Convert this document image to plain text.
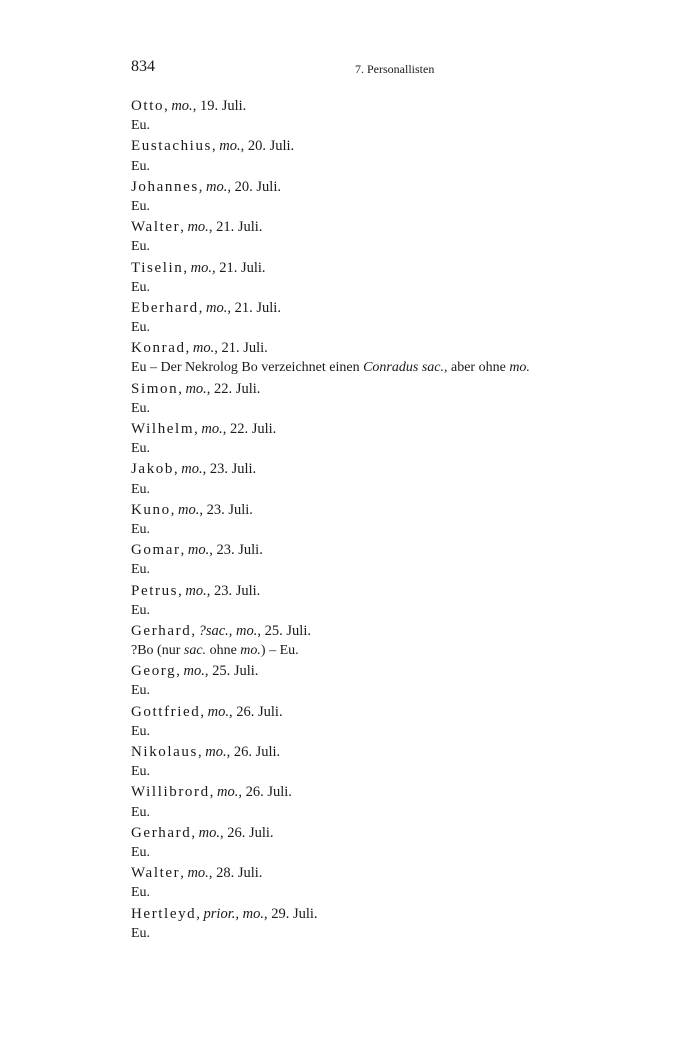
834	7. Personallisten
Otto, mo., 19. Juli.
Eu.
Eustachius, mo., 20. Juli.
Eu.
Johannes, mo., 20. Juli.
Eu.
Walter, mo., 21. Juli.
Eu.
Tiselin, mo., 21. Juli.
Eu.
Eberhard, mo., 21. Juli.
Eu.
Konrad, mo., 21. Juli.
Eu – Der Nekrolog Bo verzeichnet einen Conradus sac., aber ohne mo.
Simon, mo., 22. Juli.
Eu.
Wilhelm, mo., 22. Juli.
Eu.
Jakob, mo., 23. Juli.
Eu.
Kuno, mo., 23. Juli.
Eu.
Gomar, mo., 23. Juli.
Eu.
Petrus, mo., 23. Juli.
Eu.
Gerhard, ?sac., mo., 25. Juli.
?Bo (nur sac. ohne mo.) – Eu.
Georg, mo., 25. Juli.
Eu.
Gottfried, mo., 26. Juli.
Eu.
Nikolaus, mo., 26. Juli.
Eu.
Willibrord, mo., 26. Juli.
Eu.
Gerhard, mo., 26. Juli.
Eu.
Walter, mo., 28. Juli.
Eu.
Hertleyd, prior., mo., 29. Juli.
Eu.
